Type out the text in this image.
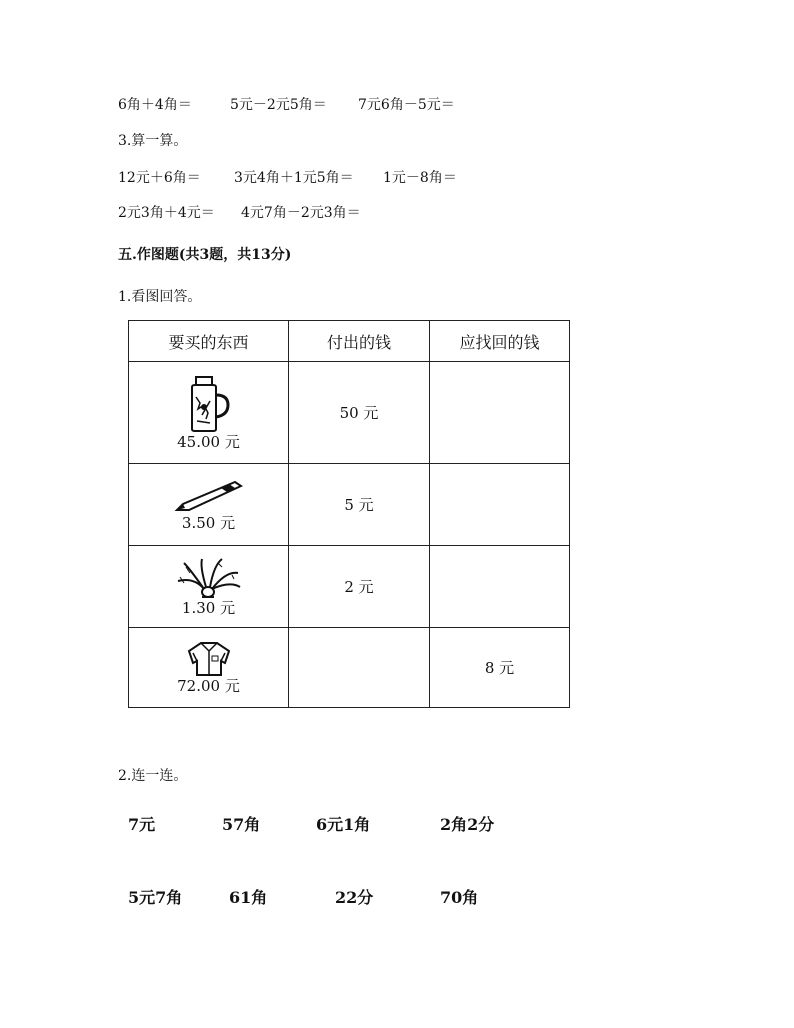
6角＋4角＝	5元－2元5角＝ 7元6角－5元＝
3.算一算。
12元＋6角＝ 3元4角＋1元5角＝ 1元－8角＝
2元3角＋4元＝ 4元7角－2元3角＝
五.作图题(共3题，共13分)
1.看图回答。
要买的东西	付出的钱	应找回的钱

45.00 元	50 元	

3.50 元	5 元	

1.30 元	2 元	

72.00 元		8 元
2.连一连。
7元	57角	6元1角	2角2分
5元7角	61角	22分	70角
